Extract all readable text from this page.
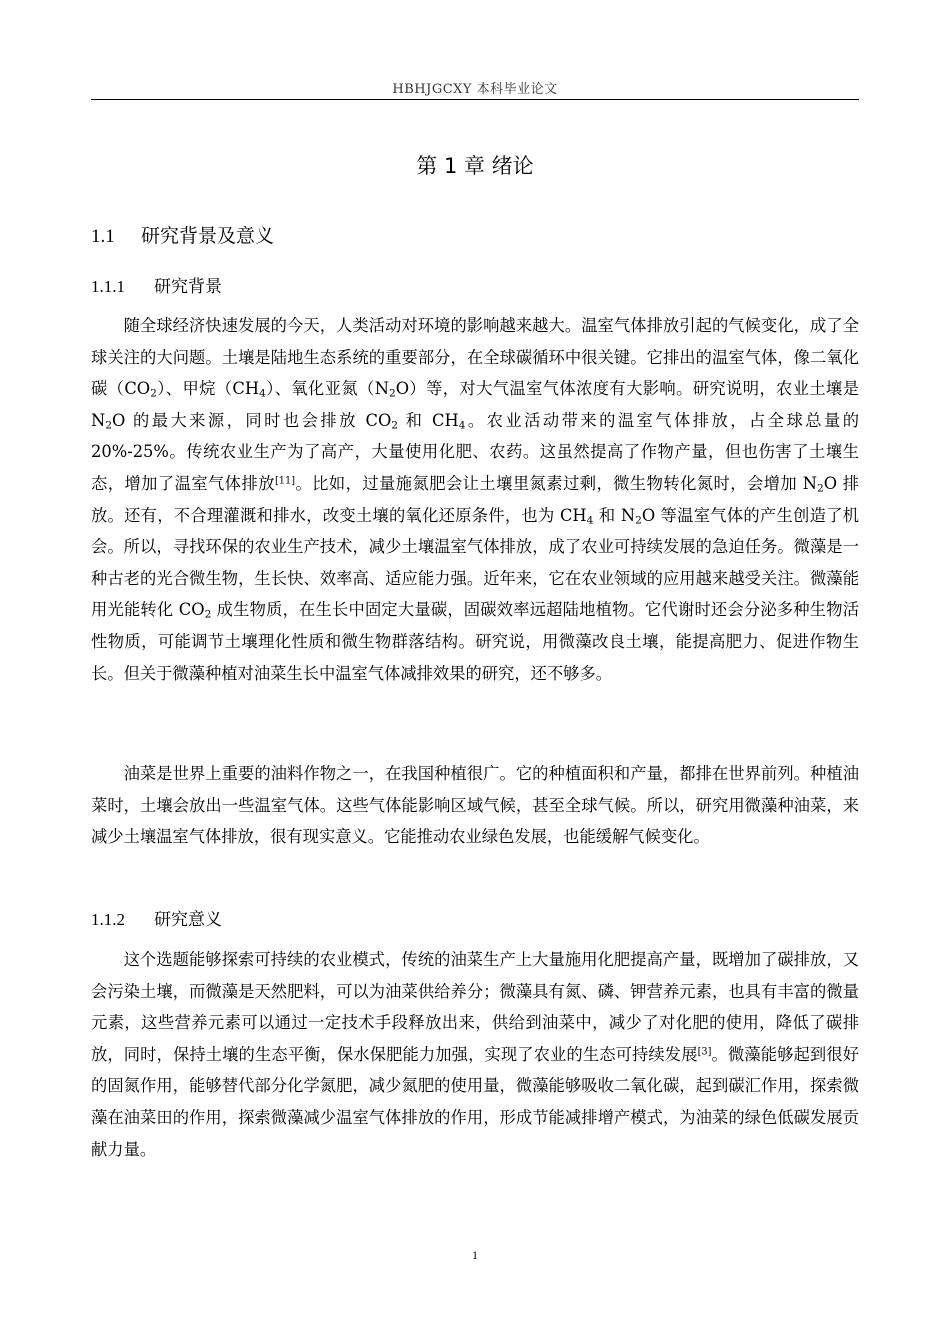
HBHJGCXY 本科毕业论文
第 1 章 绪论
1.1 研究背景及意义
1.1.1 研究背景

随全球经济快速发展的今天，人类活动对环境的影响越来越大。温室气体排放引起的气候变化，成了全球关注的大问题。土壤是陆地生态系统的重要部分，在全球碳循环中很关键。它排出的温室气体，像二氧化碳$(CO_2)$、甲烷$(CH_4)$、氧化亚氮$(N_2O)$等，对大气温室气体浓度有大影响。研究说明，农业土壤是 $N_2O$ 的最大来源，同时也会排放 $CO_2$ 和 $CH_4$。农业活动带来的温室气体排放，占全球总量的 20%-25%。传统农业生产为了高产，大量使用化肥、农药。这虽然提高了作物产量，但也伤害了土壤生态，增加了温室气体排放[11]。比如，过量施氮肥会让土壤里氮素过剩，微生物转化氮时，会增加 $N_2O$ 排放。还有，不合理灌溉和排水，改变土壤的氧化还原条件，也为 $CH_4$ 和 $N_2O$ 等温室气体的产生创造了机会。所以，寻找环保的农业生产技术，减少土壤温室气体排放，成了农业可持续发展的急迫任务。微藻是一种古老的光合微生物，生长快、效率高、适应能力强。近年来，它在农业领域的应用越来越受关注。微藻能用光能转化 $CO_2$ 成生物质，在生长中固定大量碳，固碳效率远超陆地植物。它代谢时还会分泌多种生物活性物质，可能调节土壤理化性质和微生物群落结构。研究说，用微藻改良土壤，能提高肥力、促进作物生长。但关于微藻种植对油菜生长中温室气体减排效果的研究，还不够多。

油菜是世界上重要的油料作物之一，在我国种植很广。它的种植面积和产量，都排在世界前列。种植油菜时，土壤会放出一些温室气体。这些气体能影响区域气候，甚至全球气候。所以，研究用微藻种油菜，来减少土壤温室气体排放，很有现实意义。它能推动农业绿色发展，也能缓解气候变化。

1.1.2 研究意义

这个选题能够探索可持续的农业模式，传统的油菜生产上大量施用化肥提高产量，既增加了碳排放，又会污染土壤，而微藻是天然肥料，可以为油菜供给养分；微藻具有氮、磷、钾营养元素，也具有丰富的微量元素，这些营养元素可以通过一定技术手段释放出来，供给到油菜中，减少了对化肥的使用，降低了碳排放，同时，保持土壤的生态平衡，保水保肥能力加强，实现了农业的生态可持续发展[3]。微藻能够起到很好的固氮作用，能够替代部分化学氮肥，减少氮肥的使用量，微藻能够吸收二氧化碳，起到碳汇作用，探索微藻在油菜田的作用，探索微藻减少温室气体排放的作用，形成节能减排增产模式，为油菜的绿色低碳发展贡献力量。

1
